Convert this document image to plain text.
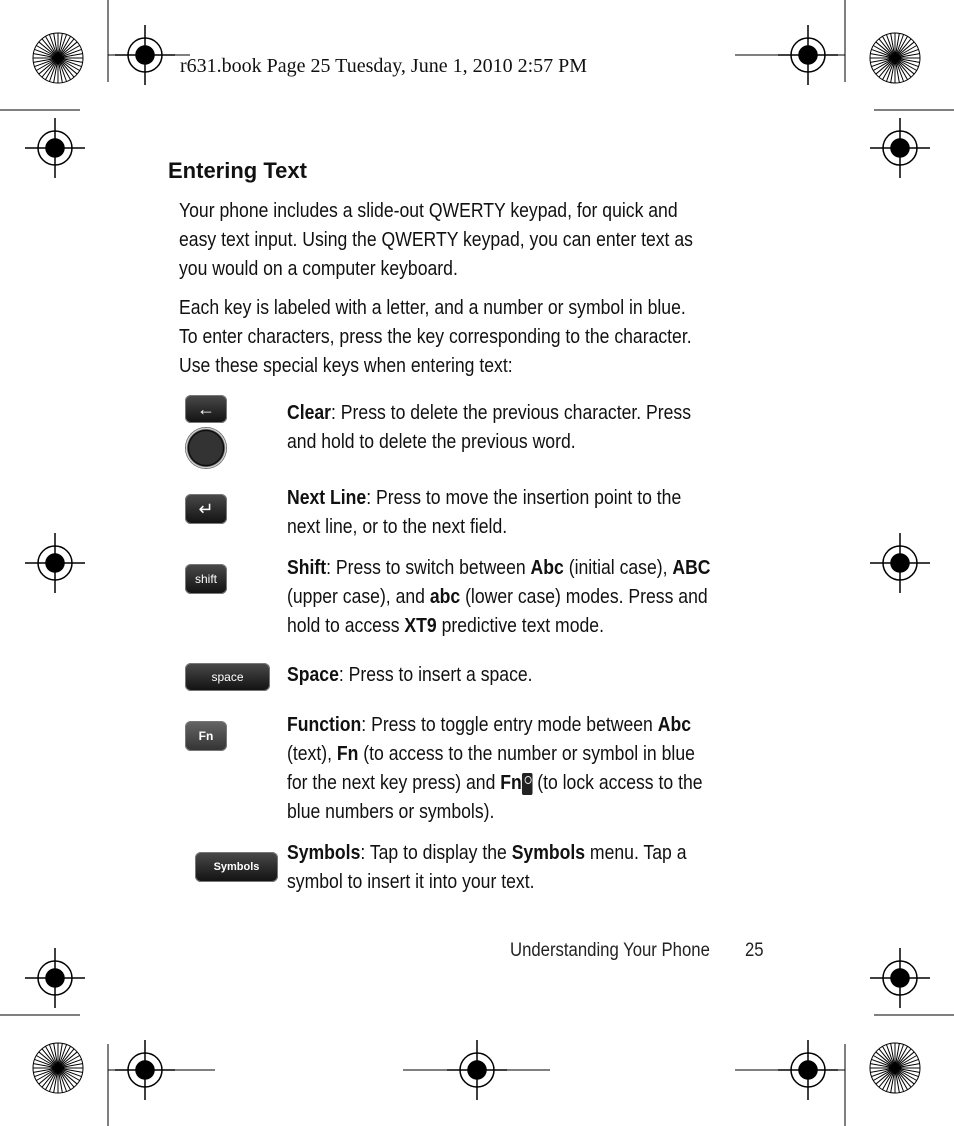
r631.book Page 25 Tuesday, June 1, 2010 2:57 PM
Entering Text

Your phone includes a slide-out QWERTY keypad, for quick and easy text input. Using the QWERTY keypad, you can enter text as you would on a computer keyboard.

Each key is labeled with a letter, and a number or symbol in blue. To enter characters, press the key corresponding to the character. Use these special keys when entering text:

←
↵
shift
space
Fn
Symbols
Clear: Press to delete the previous character. Press and hold to delete the previous word.
Next Line: Press to move the insertion point to the next line, or to the next field.
Shift: Press to switch between Abc (initial case), ABC (upper case), and abc (lower case) modes. Press and hold to access XT9 predictive text mode.
Space: Press to insert a space.
Function: Press to toggle entry mode between Abc (text), Fn (to access to the number or symbol in blue for the next key press) and Fn (to lock access to the blue numbers or symbols).
Symbols: Tap to display the Symbols menu. Tap a symbol to insert it into your text.
Understanding Your Phone 25
